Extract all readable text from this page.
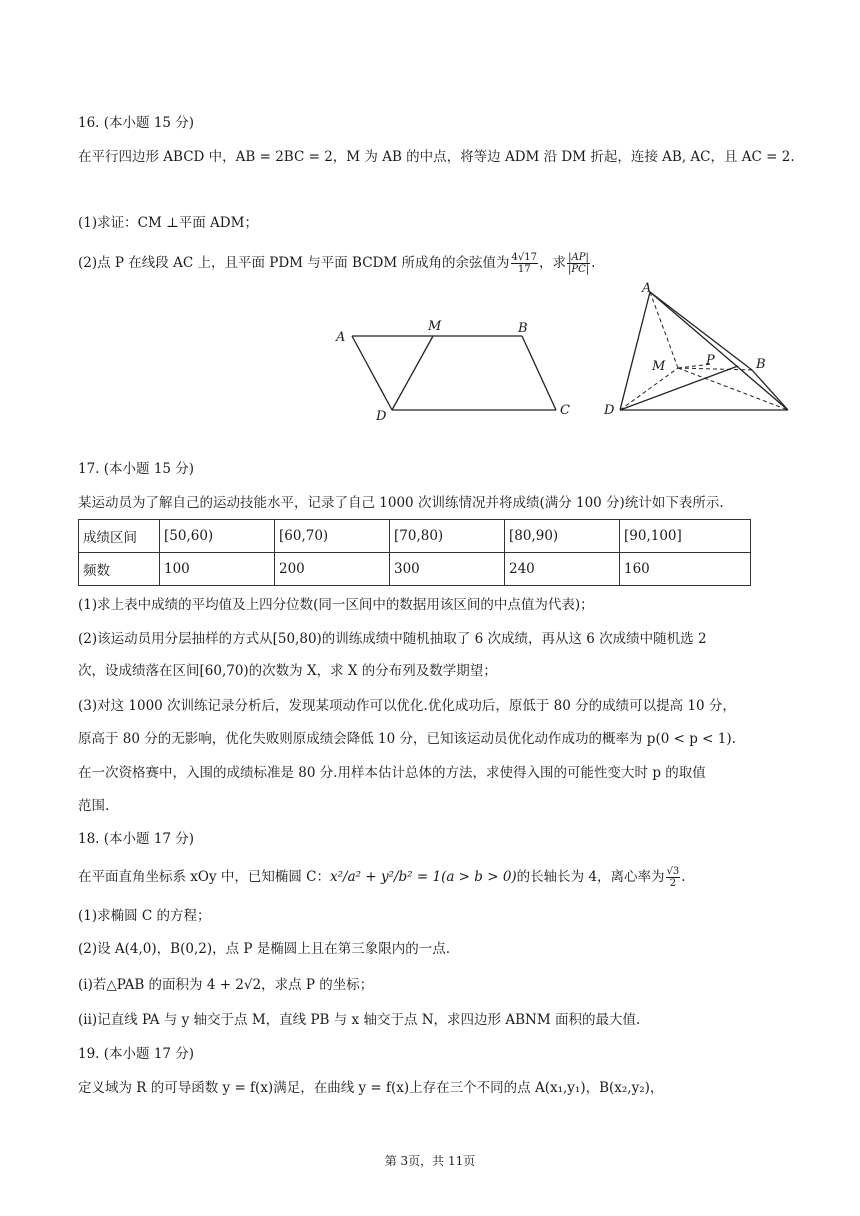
16. (本小题 15 分)
在平行四边形 ABCD 中，AB = 2BC = 2，M 为 AB 的中点，将等边 ADM 沿 DM 折起，连接 AB, AC，且 AC = 2.
(1)求证：CM ⊥平面 ADM；
(2)点 P 在线段 AC 上，且平面 PDM 与平面 BCDM 所成角的余弦值为 $\frac{4√17}{17}$ ，求 $\frac{|AP|}{|PC|}$ .
A
M	B
D	C
A
M	P	B
D
17. (本小题 15 分)
某运动员为了解自己的运动技能水平，记录了自己 1000 次训练情况并将成绩(满分 100 分)统计如下表所示.
成绩区间	[50,60)	[60,70)	[70,80)	[80,90)	[90,100]
频数	100	200	300	240	160
(1)求上表中成绩的平均值及上四分位数(同一区间中的数据用该区间的中点值为代表)；
(2)该运动员用分层抽样的方式从[50,80)的训练成绩中随机抽取了 6 次成绩，再从这 6 次成绩中随机选 2
次，设成绩落在区间[60,70)的次数为 X，求 X 的分布列及数学期望；
(3)对这 1000 次训练记录分析后，发现某项动作可以优化.优化成功后，原低于 80 分的成绩可以提高 10 分，
原高于 80 分的无影响，优化失败则原成绩会降低 10 分，已知该运动员优化动作成功的概率为 p(0 < p < 1).
在一次资格赛中，入围的成绩标准是 80 分.用样本估计总体的方法，求使得入围的可能性变大时 p 的取值
范围.
18. (本小题 17 分)
在平面直角坐标系 xOy 中，已知椭圆 C：x²/a² + y²/b² = 1(a > b > 0)的长轴长为 4，离心率为 $\frac{√3}{2}$ .
(1)求椭圆 C 的方程；
(2)设 A(4,0)，B(0,2)，点 P 是椭圆上且在第三象限内的一点.
(i)若△PAB 的面积为 4 + 2√2，求点 P 的坐标；
(ii)记直线 PA 与 y 轴交于点 M，直线 PB 与 x 轴交于点 N，求四边形 ABNM 面积的最大值.
19. (本小题 17 分)
定义域为 R 的可导函数 y = f(x)满足，在曲线 y = f(x)上存在三个不同的点 A(x₁,y₁)，B(x₂,y₂)，
第 3页，共 11页
